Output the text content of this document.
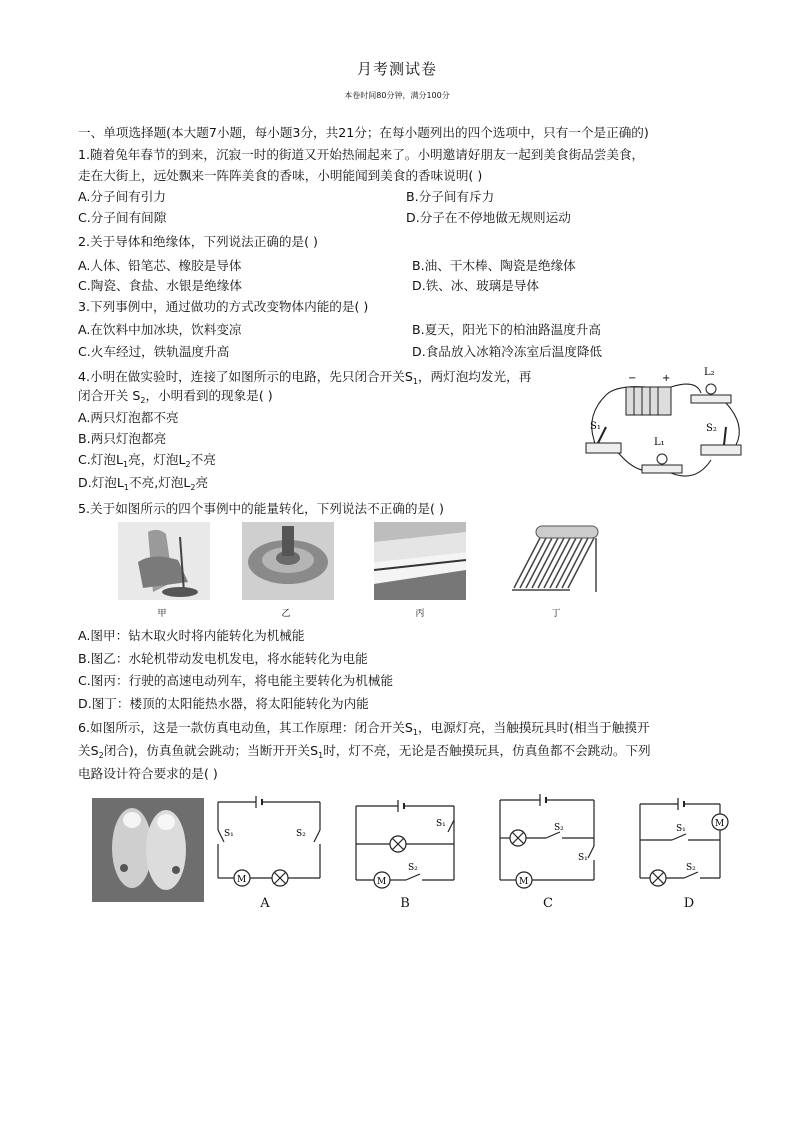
月考测试卷
本卷时间80分钟，满分100分
一、单项选择题(本大题7小题，每小题3分，共21分；在每小题列出的四个选项中，只有一个是正确的)
1.随着兔年春节的到来，沉寂一时的街道又开始热闹起来了。小明邀请好朋友一起到美食街品尝美食，
走在大街上，远处飘来一阵阵美食的香味，小明能闻到美食的香味说明( )
A.分子间有引力	B.分子间有斥力
C.分子间有间隙	D.分子在不停地做无规则运动
2.关于导体和绝缘体，下列说法正确的是( )
A.人体、铅笔芯、橡胶是导体	B.油、干木棒、陶瓷是绝缘体
C.陶瓷、食盐、水银是绝缘体	D.铁、冰、玻璃是导体
3.下列事例中，通过做功的方式改变物体内能的是( )
A.在饮料中加冰块，饮料变凉	B.夏天，阳光下的柏油路温度升高
C.火车经过，铁轨温度升高	D.食品放入冰箱冷冻室后温度降低
4.小明在做实验时，连接了如图所示的电路，先只闭合开关$S_1$，两灯泡均发光，再
闭合开关 $S_2$，小明看到的现象是( )
A.两只灯泡都不亮
B.两只灯泡都亮
C.灯泡$L_1$亮，灯泡$L_2$不亮
D.灯泡$L_1$不亮,灯泡$L_2$亮
−	+
L₂
S₁	S₂
L₁
5.关于如图所示的四个事例中的能量转化，下列说法不正确的是( )
甲	乙	丙	丁
A.图甲：钻木取火时将内能转化为机械能
B.图乙：水轮机带动发电机发电，将水能转化为电能
C.图丙：行驶的高速电动列车，将电能主要转化为机械能
D.图丁：楼顶的太阳能热水器，将太阳能转化为内能
6.如图所示，这是一款仿真电动鱼，其工作原理：闭合开关$S_1$，电源灯亮，当触摸玩具时(相当于触摸开
关$S_2$闭合)，仿真鱼就会跳动；当断开开关$S_1$时，灯不亮，无论是否触摸玩具，仿真鱼都不会跳动。下列
电路设计符合要求的是( )
M
S₁	S₂
M
S₁
S₂
M
S₂
S₁
M
S₁
S₂
A	B	C	D
